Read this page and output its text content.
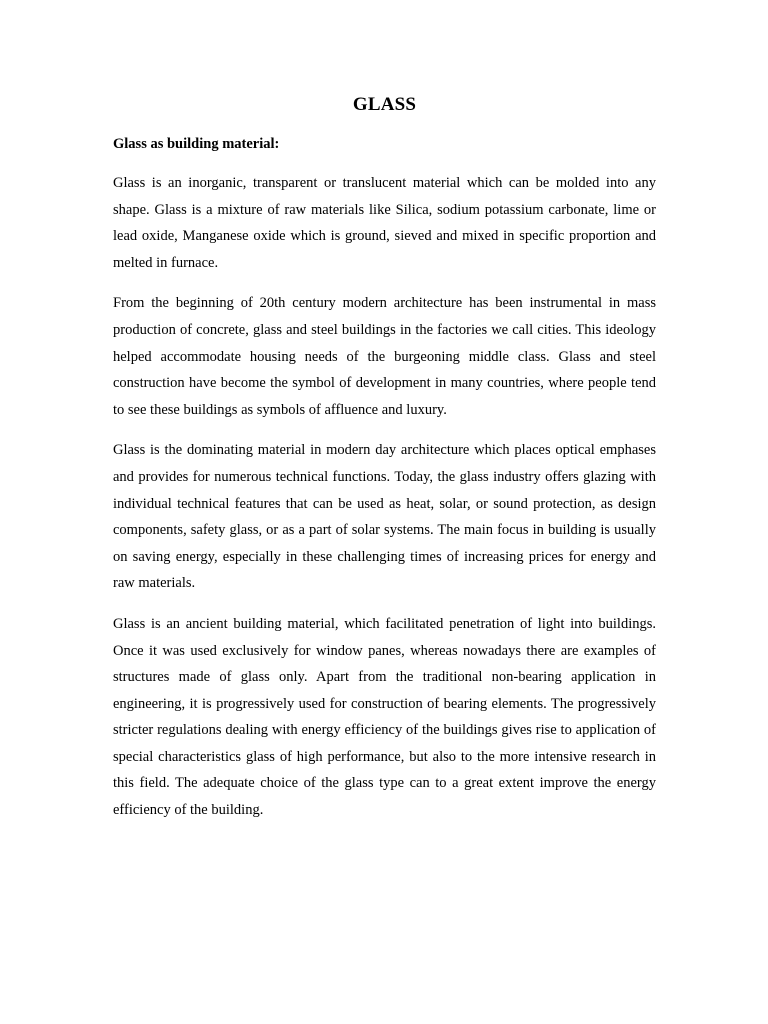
GLASS
Glass as building material:

Glass is an inorganic, transparent or translucent material which can be molded into any shape. Glass is a mixture of raw materials like Silica, sodium potassium carbonate, lime or lead oxide, Manganese oxide which is ground, sieved and mixed in specific proportion and melted in furnace.

From the beginning of 20th century modern architecture has been instrumental in mass production of concrete, glass and steel buildings in the factories we call cities. This ideology helped accommodate housing needs of the burgeoning middle class. Glass and steel construction have become the symbol of development in many countries, where people tend to see these buildings as symbols of affluence and luxury.

Glass is the dominating material in modern day architecture which places optical emphases and provides for numerous technical functions. Today, the glass industry offers glazing with individual technical features that can be used as heat, solar, or sound protection, as design components, safety glass, or as a part of solar systems. The main focus in building is usually on saving energy, especially in these challenging times of increasing prices for energy and raw materials.

Glass is an ancient building material, which facilitated penetration of light into buildings. Once it was used exclusively for window panes, whereas nowadays there are examples of structures made of glass only. Apart from the traditional non-bearing application in engineering, it is progressively used for construction of bearing elements. The progressively stricter regulations dealing with energy efficiency of the buildings gives rise to application of special characteristics glass of high performance, but also to the more intensive research in this field. The adequate choice of the glass type can to a great extent improve the energy efficiency of the building.
